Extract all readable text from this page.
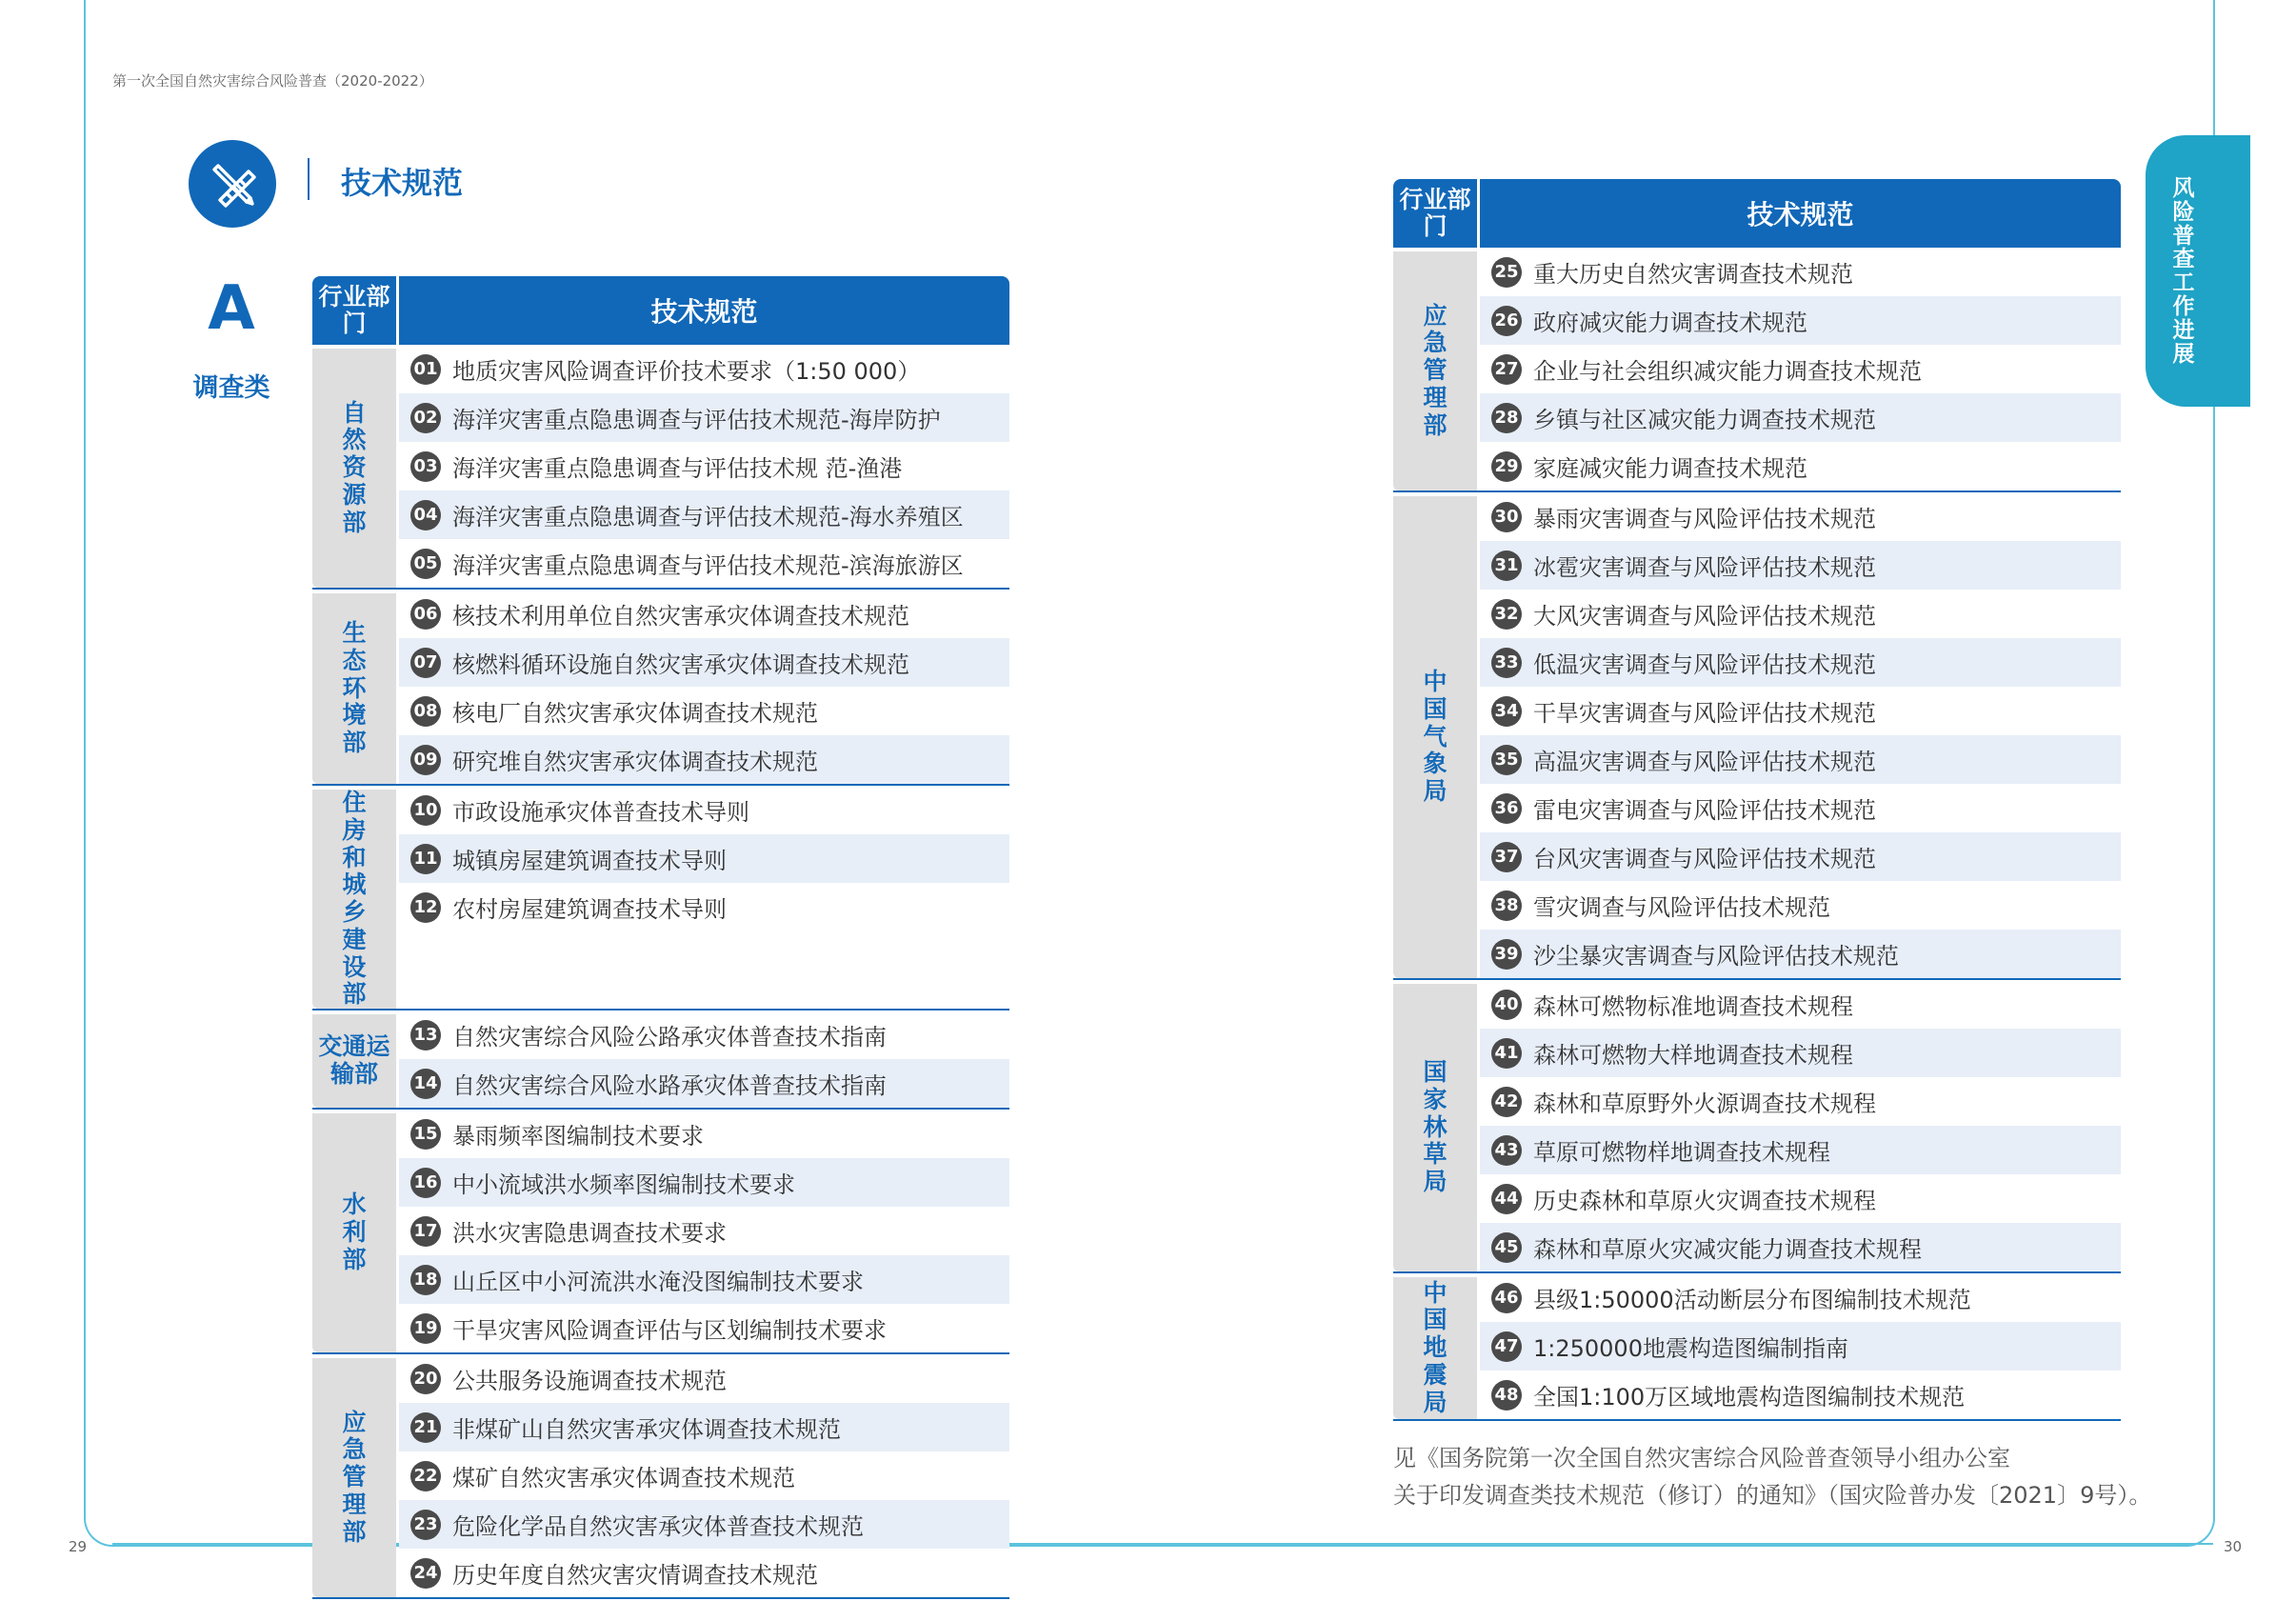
第一次全国自然灾害综合风险普查（2020-2022）
技术规范
A
调查类
风险普查工作进展
行业部门	技术规范
自然资源部
01 地质灾害风险调查评价技术要求（1:50 000）
02 海洋灾害重点隐患调查与评估技术规范-海岸防护
03 海洋灾害重点隐患调查与评估技术规 范-渔港
04 海洋灾害重点隐患调查与评估技术规范-海水养殖区
05 海洋灾害重点隐患调查与评估技术规范-滨海旅游区
生态环境部
06 核技术利用单位自然灾害承灾体调查技术规范
07 核燃料循环设施自然灾害承灾体调查技术规范
08 核电厂自然灾害承灾体调查技术规范
09 研究堆自然灾害承灾体调查技术规范
住房和城乡建设部
10 市政设施承灾体普查技术导则
11 城镇房屋建筑调查技术导则
12 农村房屋建筑调查技术导则
交通运输部
13 自然灾害综合风险公路承灾体普查技术指南
14 自然灾害综合风险水路承灾体普查技术指南
水利部
15 暴雨频率图编制技术要求
16 中小流域洪水频率图编制技术要求
17 洪水灾害隐患调查技术要求
18 山丘区中小河流洪水淹没图编制技术要求
19 干旱灾害风险调查评估与区划编制技术要求
应急管理部
20 公共服务设施调查技术规范
21 非煤矿山自然灾害承灾体调查技术规范
22 煤矿自然灾害承灾体调查技术规范
23 危险化学品自然灾害承灾体普查技术规范
24 历史年度自然灾害灾情调查技术规范
行业部门	技术规范
应急管理部
25 重大历史自然灾害调查技术规范
26 政府减灾能力调查技术规范
27 企业与社会组织减灾能力调查技术规范
28 乡镇与社区减灾能力调查技术规范
29 家庭减灾能力调查技术规范
中国气象局
30 暴雨灾害调查与风险评估技术规范
31 冰雹灾害调查与风险评估技术规范
32 大风灾害调查与风险评估技术规范
33 低温灾害调查与风险评估技术规范
34 干旱灾害调查与风险评估技术规范
35 高温灾害调查与风险评估技术规范
36 雷电灾害调查与风险评估技术规范
37 台风灾害调查与风险评估技术规范
38 雪灾调查与风险评估技术规范
39 沙尘暴灾害调查与风险评估技术规范
国家林草局
40 森林可燃物标准地调查技术规程
41 森林可燃物大样地调查技术规程
42 森林和草原野外火源调查技术规程
43 草原可燃物样地调查技术规程
44 历史森林和草原火灾调查技术规程
45 森林和草原火灾减灾能力调查技术规程
中国地震局
46 县级1:50000活动断层分布图编制技术规范
47 1:250000地震构造图编制指南
48 全国1:100万区域地震构造图编制技术规范
见《国务院第一次全国自然灾害综合风险普查领导小组办公室
关于印发调查类技术规范（修订）的通知》（国灾险普办发〔2021〕9号）。
29	30
